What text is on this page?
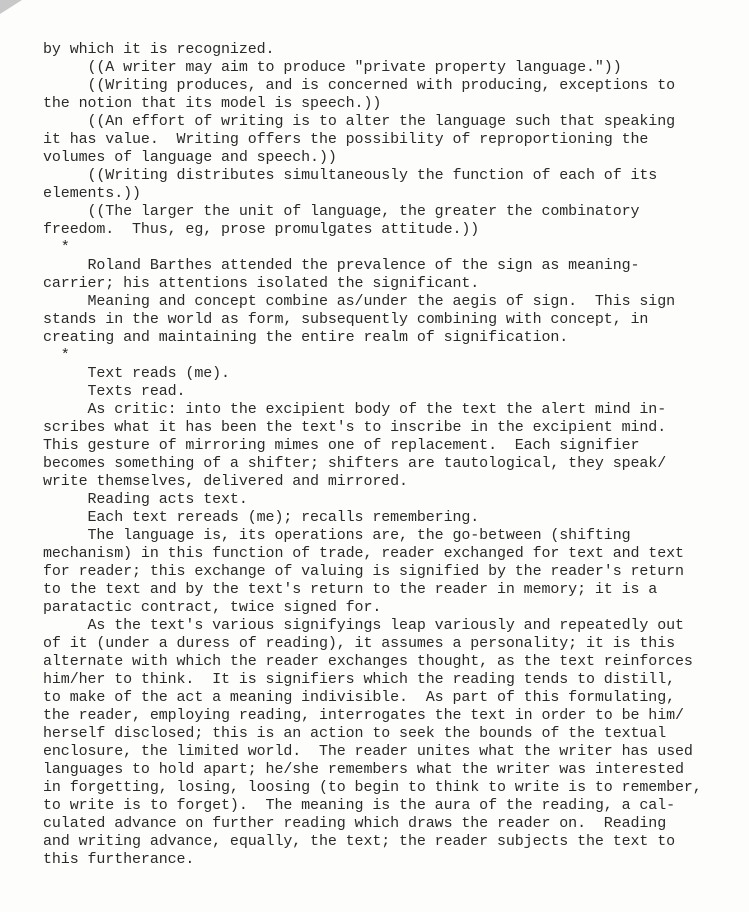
by which it is recognized.
((A writer may aim to produce "private property language."))
((Writing produces, and is concerned with producing, exceptions to
the notion that its model is speech.))
((An effort of writing is to alter the language such that speaking
it has value.  Writing offers the possibility of reproportioning the
volumes of language and speech.))
((Writing distributes simultaneously the function of each of its
elements.))
((The larger the unit of language, the greater the combinatory
freedom.  Thus, eg, prose promulgates attitude.))
*
Roland Barthes attended the prevalence of the sign as meaning-
carrier; his attentions isolated the significant.
Meaning and concept combine as/under the aegis of sign.  This sign
stands in the world as form, subsequently combining with concept, in
creating and maintaining the entire realm of signification.
*
Text reads (me).
Texts read.
As critic: into the excipient body of the text the alert mind in-
scribes what it has been the text's to inscribe in the excipient mind.
This gesture of mirroring mimes one of replacement.  Each signifier
becomes something of a shifter; shifters are tautological, they speak/
write themselves, delivered and mirrored.
Reading acts text.
Each text rereads (me); recalls remembering.
The language is, its operations are, the go-between (shifting
mechanism) in this function of trade, reader exchanged for text and text
for reader; this exchange of valuing is signified by the reader's return
to the text and by the text's return to the reader in memory; it is a
paratactic contract, twice signed for.
As the text's various signifyings leap variously and repeatedly out
of it (under a duress of reading), it assumes a personality; it is this
alternate with which the reader exchanges thought, as the text reinforces
him/her to think.  It is signifiers which the reading tends to distill,
to make of the act a meaning indivisible.  As part of this formulating,
the reader, employing reading, interrogates the text in order to be him/
herself disclosed; this is an action to seek the bounds of the textual
enclosure, the limited world.  The reader unites what the writer has used
languages to hold apart; he/she remembers what the writer was interested
in forgetting, losing, loosing (to begin to think to write is to remember,
to write is to forget).  The meaning is the aura of the reading, a cal-
culated advance on further reading which draws the reader on.  Reading
and writing advance, equally, the text; the reader subjects the text to
this furtherance.
